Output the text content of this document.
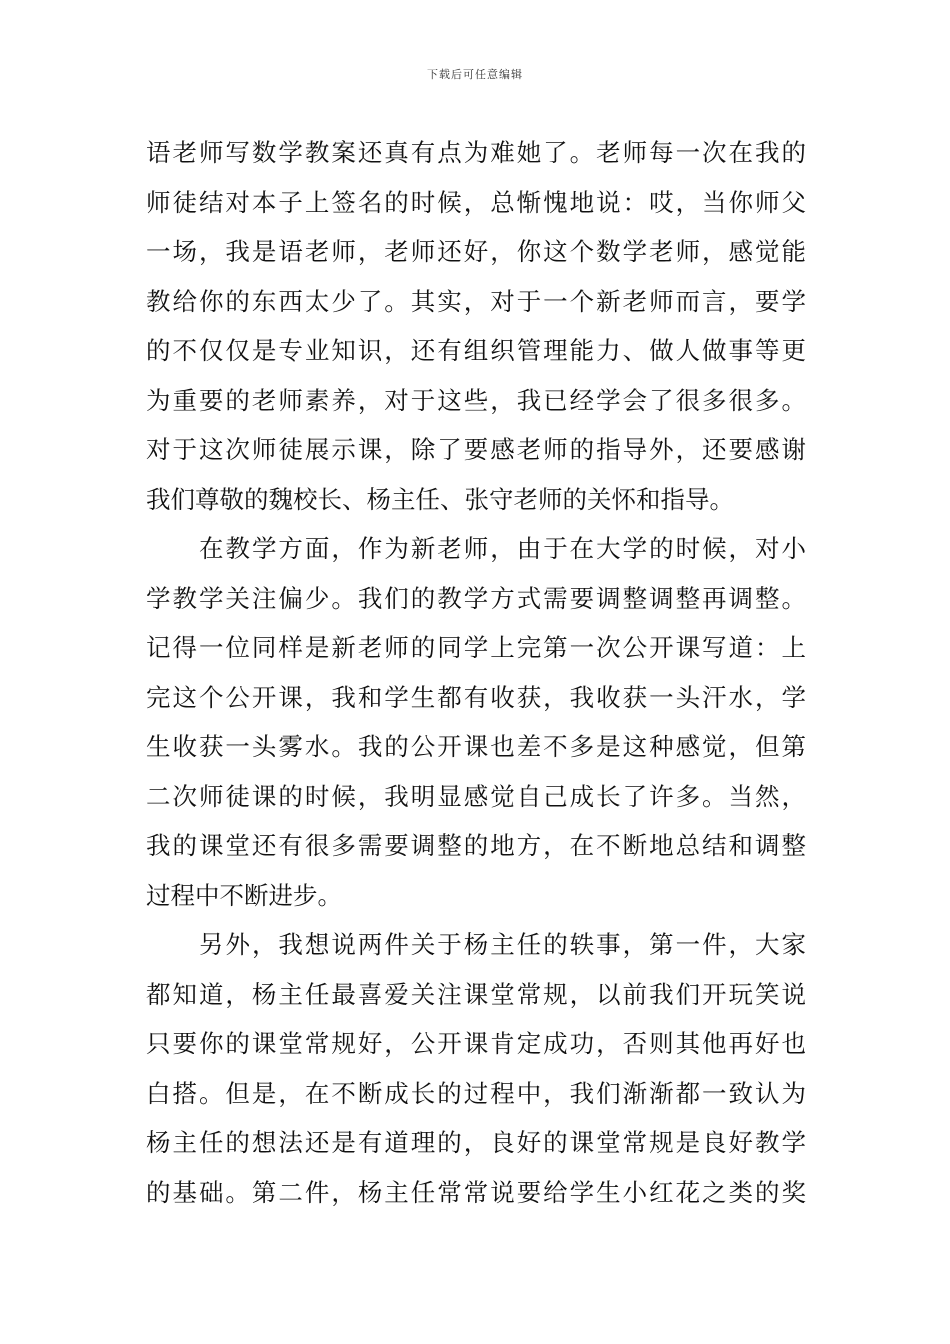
下载后可任意编辑
语老师写数学教案还真有点为难她了。老师每一次在我的
师徒结对本子上签名的时候，总惭愧地说：哎，当你师父
一场，我是语老师，老师还好，你这个数学老师，感觉能
教给你的东西太少了。其实，对于一个新老师而言，要学
的不仅仅是专业知识，还有组织管理能力、做人做事等更
为重要的老师素养，对于这些，我已经学会了很多很多。
对于这次师徒展示课，除了要感老师的指导外，还要感谢
我们尊敬的魏校长、杨主任、张守老师的关怀和指导。
在教学方面，作为新老师，由于在大学的时候，对小
学教学关注偏少。我们的教学方式需要调整调整再调整。
记得一位同样是新老师的同学上完第一次公开课写道：上
完这个公开课，我和学生都有收获，我收获一头汗水，学
生收获一头雾水。我的公开课也差不多是这种感觉，但第
二次师徒课的时候，我明显感觉自己成长了许多。当然，
我的课堂还有很多需要调整的地方，在不断地总结和调整
过程中不断进步。
另外，我想说两件关于杨主任的轶事，第一件，大家
都知道，杨主任最喜爱关注课堂常规，以前我们开玩笑说
只要你的课堂常规好，公开课肯定成功，否则其他再好也
白搭。但是，在不断成长的过程中，我们渐渐都一致认为
杨主任的想法还是有道理的，良好的课堂常规是良好教学
的基础。第二件，杨主任常常说要给学生小红花之类的奖
